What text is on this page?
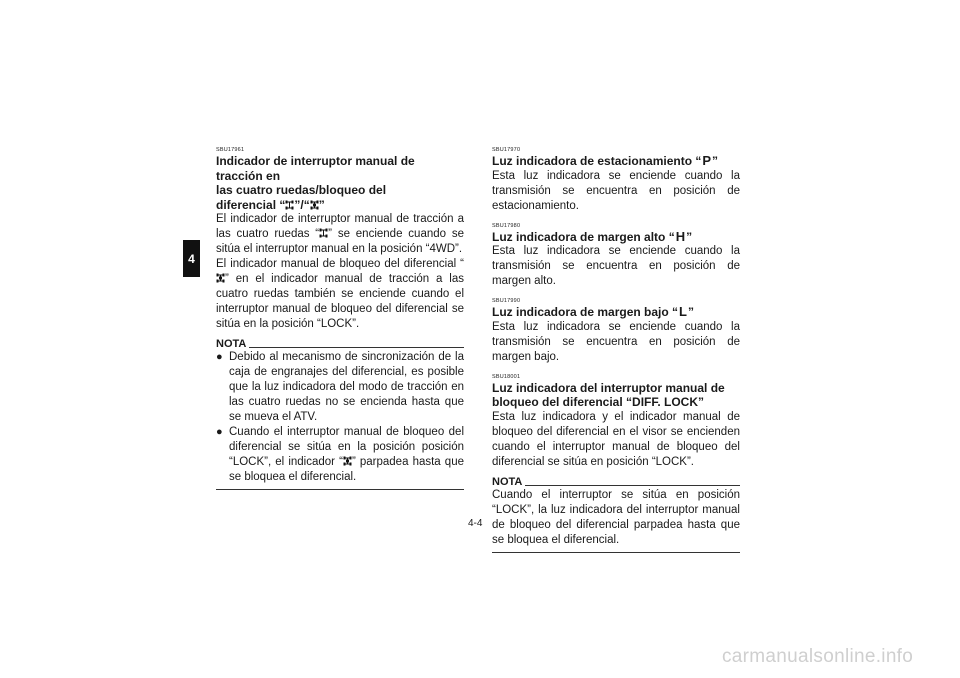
4
SBU17961
Indicador de interruptor manual de tracción en
las cuatro ruedas/bloqueo del
diferencial “ ”/“ ”
El indicador de interruptor manual de tracción a las cuatro ruedas “ ” se enciende cuando se sitúa el interruptor manual en la posición “4WD”.
El indicador manual de bloqueo del diferencial “” en el indicador manual de tracción a las cuatro ruedas también se enciende cuando el interruptor manual de bloqueo del diferencial se sitúa en la posición “LOCK”.
NOTA
● Debido al mecanismo de sincronización de la caja de engranajes del diferencial, es posible que la luz indicadora del modo de tracción en las cuatro ruedas no se encienda hasta que se mueva el ATV.
● Cuando el interruptor manual de bloqueo del diferencial se sitúa en la posición posición “LOCK”, el indicador “ ” parpadea hasta que se bloquea el diferencial.
SBU17970
Luz indicadora de estacionamiento “P”
Esta luz indicadora se enciende cuando la transmisión se encuentra en posición de estacionamiento.
SBU17980
Luz indicadora de margen alto “H”
Esta luz indicadora se enciende cuando la transmisión se encuentra en posición de margen alto.
SBU17990
Luz indicadora de margen bajo “L”
Esta luz indicadora se enciende cuando la transmisión se encuentra en posición de margen bajo.
SBU18001
Luz indicadora del interruptor manual de bloqueo del diferencial “DIFF. LOCK”
Esta luz indicadora y el indicador manual de bloqueo del diferencial en el visor se encienden cuando el interruptor manual de bloqueo del diferencial se sitúa en posición “LOCK”.
NOTA
Cuando el interruptor se sitúa en posición “LOCK”, la luz indicadora del interruptor manual de bloqueo del diferencial parpadea hasta que se bloquea el diferencial.
4-4
carmanualsonline.info
